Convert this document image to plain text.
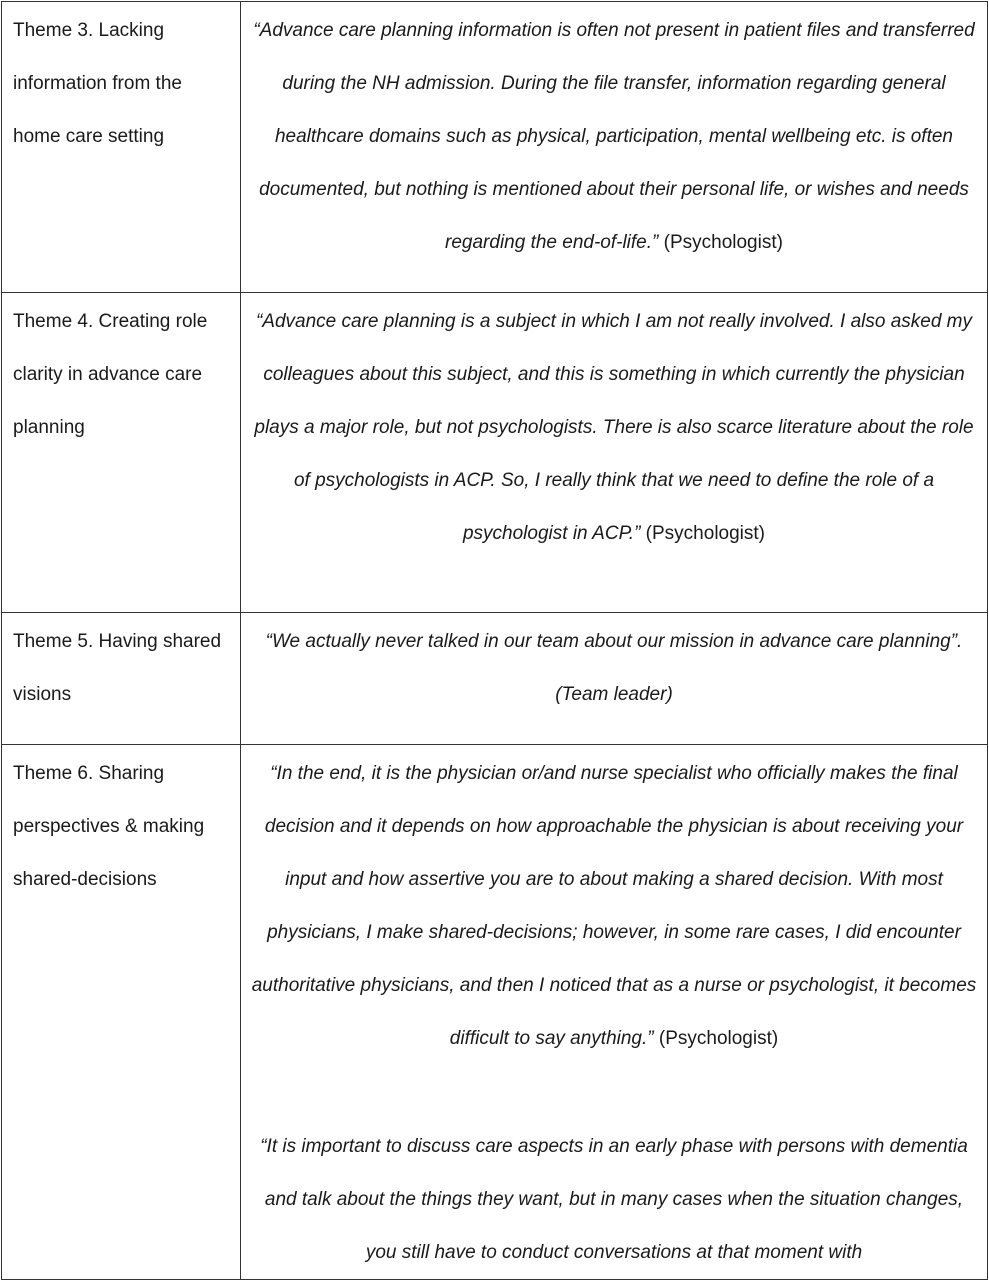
Theme 3. Lacking information from the home care setting	“Advance care planning information is often not present in patient files and transferred during the NH admission. During the file transfer, information regarding general healthcare domains such as physical, participation, mental wellbeing etc. is often documented, but nothing is mentioned about their personal life, or wishes and needs regarding the end-of-life.” (Psychologist)

Theme 4. Creating role clarity in advance care planning	“Advance care planning is a subject in which I am not really involved. I also asked my colleagues about this subject, and this is something in which currently the physician plays a major role, but not psychologists. There is also scarce literature about the role of psychologists in ACP. So, I really think that we need to define the role of a psychologist in ACP.” (Psychologist)

Theme 5. Having shared visions	“We actually never talked in our team about our mission in advance care planning”. (Team leader)

Theme 6. Sharing perspectives & making shared-decisions	“In the end, it is the physician or/and nurse specialist who officially makes the final decision and it depends on how approachable the physician is about receiving your input and how assertive you are to about making a shared decision. With most physicians, I make shared-decisions; however, in some rare cases, I did encounter authoritative physicians, and then I noticed that as a nurse or psychologist, it becomes difficult to say anything.” (Psychologist)

“It is important to discuss care aspects in an early phase with persons with dementia and talk about the things they want, but in many cases when the situation changes, you still have to conduct conversations at that moment with
